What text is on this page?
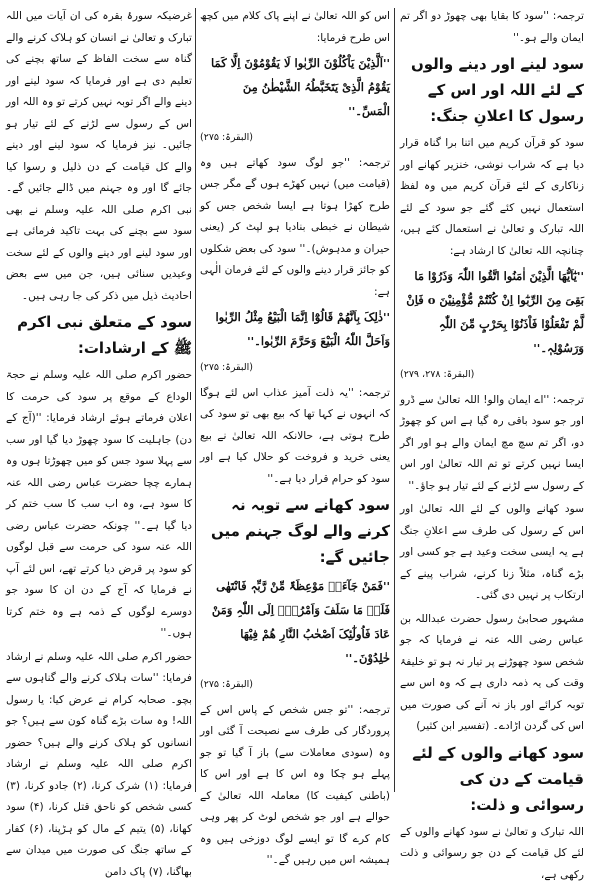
ترجمہ: ''سود کا بقایا بھی چھوڑ دو اگر تم ایمان والے ہو۔''

سود لینے اور دینے والوں کے لئے اللہ اور اس کے رسول کا اعلانِ جنگ:

سود کو قرآن کریم میں اتنا برا گناہ قرار دیا ہے کہ شراب نوشی، خنزیر کھانے اور زناکاری کے لئے قرآن کریم میں وہ لفظ استعمال نہیں کئے گئے جو سود کے لئے اللہ تبارک و تعالیٰ نے استعمال کئے ہیں، چنانچہ اللہ تعالیٰ کا ارشاد ہے:

''یٰٓاَیُّھَا الَّذِیْنَ اٰمَنُوا اتَّقُوا اللّٰہَ وَذَرُوْا مَا بَقِیَ مِنَ الرِّبٰٓوا اِنْ کُنْتُمْ مُّؤْمِنِیْنَ o فَاِنْ لَّمْ تَفْعَلُوْا فَاْذَنُوْا بِحَرْبٍ مِّنَ اللّٰہِ وَرَسُوْلِہٖ۔''
(البقرۃ: ۲۷۸، ۲۷۹)

ترجمہ: ''اے ایمان والو! اللہ تعالیٰ سے ڈرو اور جو سود باقی رہ گیا ہے اس کو چھوڑ دو، اگر تم سچ مچ ایمان والے ہو اور اگر ایسا نہیں کرتے تو تم اللہ تعالیٰ اور اس کے رسول سے لڑنے کے لئے تیار ہو جاؤ۔''

سود کھانے والوں کے لئے اللہ تعالیٰ اور اس کے رسول کی طرف سے اعلانِ جنگ ہے یہ ایسی سخت وعید ہے جو کسی اور بڑے گناہ، مثلاً زنا کرنے، شراب پینے کے ارتکاب پر نہیں دی گئی۔

مشہور صحابیٔ رسول حضرت عبداللہ بن عباس رضی اللہ عنہ نے فرمایا کہ جو شخص سود چھوڑنے پر تیار نہ ہو تو خلیفۂ وقت کی یہ ذمہ داری ہے کہ وہ اس سے توبہ کرائے اور باز نہ آنے کی صورت میں اس کی گردن اڑادے۔ (تفسیر ابن کثیر)

سود کھانے والوں کے لئے قیامت کے دن کی رسوائی و ذلت:

اللہ تبارک و تعالیٰ نے سود کھانے والوں کے لئے کل قیامت کے دن جو رسوائی و ذلت رکھی ہے،

اس کو اللہ تعالیٰ نے اپنے پاک کلام میں کچھ اس طرح فرمایا:

''اَلَّذِیْنَ یَاْکُلُوْنَ الرِّبٰوا لَا یَقُوْمُوْنَ اِلَّا کَمَا یَقُوْمُ الَّذِیْ یَتَخَبَّطُہُ الشَّیْطٰنُ مِنَ الْمَسِّ۔''
(البقرۃ: ۲۷۵)

ترجمہ: ''جو لوگ سود کھاتے ہیں وہ (قیامت میں) نہیں کھڑے ہوں گے مگر جس طرح کھڑا ہوتا ہے ایسا شخص جس کو شیطان نے خبطی بنادیا ہو لپٹ کر (یعنی حیران و مدہوش)۔'' سود کی بعض شکلوں کو جائز قرار دینے والوں کے لئے فرمان الٰہی ہے:

''ذٰلِکَ بِاَنَّھُمْ قَالُوْٓا اِنَّمَا الْبَیْعُ مِثْلُ الرِّبٰوا وَاَحَلَّ اللّٰہُ الْبَیْعَ وَحَرَّمَ الرِّبٰوا۔''
(البقرۃ: ۲۷۵)

ترجمہ: ''یہ ذلت آمیز عذاب اس لئے ہوگا کہ انہوں نے کہا تھا کہ بیع بھی تو سود کی طرح ہوتی ہے، حالانکہ اللہ تعالیٰ نے بیع یعنی خرید و فروخت کو حلال کیا ہے اور سود کو حرام قرار دیا ہے۔''

سود کھانے سے توبہ نہ کرنے والے لوگ جہنم میں جائیں گے:
''فَمَنْ جَآءَہٗ مَوْعِظَۃٌ مِّنْ رَّبِّہٖ فَانْتَھٰی فَلَہٗ مَا سَلَفَ وَاَمْرُہٗٓ اِلَی اللّٰہِ وَمَنْ عَادَ فَاُولٰٓئِکَ اَصْحٰبُ النَّارِ ھُمْ فِیْھَا خٰلِدُوْنَ۔''
(البقرۃ: ۲۷۵)

ترجمہ: ''تو جس شخص کے پاس اس کے پروردگار کی طرف سے نصیحت آ گئی اور وہ (سودی معاملات سے) باز آ گیا تو جو پہلے ہو چکا وہ اس کا ہے اور اس کا (باطنی کیفیت کا) معاملہ اللہ تعالیٰ کے حوالے ہے اور جو شخص لوٹ کر پھر وہی کام کرے گا تو ایسے لوگ دوزخی ہیں وہ ہمیشہ اس میں رہیں گے۔''

غرضیکہ سورۂ بقرہ کی ان آیات میں اللہ تبارک و تعالیٰ نے انسان کو ہلاک کرنے والے گناہ سے سخت الفاظ کے ساتھ بچنے کی تعلیم دی ہے اور فرمایا کہ سود لینے اور دینے والے اگر توبہ نہیں کرتے تو وہ اللہ اور اس کے رسول سے لڑنے کے لئے تیار ہو جائیں۔ نیز فرمایا کہ سود لینے اور دینے والے کل قیامت کے دن ذلیل و رسوا کیا جائے گا اور وہ جہنم میں ڈالے جائیں گے۔ نبی اکرم صلی اللہ علیہ وسلم نے بھی سود سے بچنے کی بہت تاکید فرمائی ہے اور سود لینے اور دینے والوں کے لئے سخت وعیدیں سنائی ہیں، جن میں سے بعض احادیث ذیل میں ذکر کی جا رہی ہیں۔

سود کے متعلق نبی اکرم ﷺ کے ارشادات:

حضور اکرم صلی اللہ علیہ وسلم نے حجۃ الوداع کے موقع پر سود کی حرمت کا اعلان فرماتے ہوئے ارشاد فرمایا: ''(آج کے دن) جاہلیت کا سود چھوڑ دیا گیا اور سب سے پہلا سود جس کو میں چھوڑتا ہوں وہ ہمارے چچا حضرت عباس رضی اللہ عنہ کا سود ہے، وہ اب سب کا سب ختم کر دیا گیا ہے۔'' چونکہ حضرت عباس رضی اللہ عنہ سود کی حرمت سے قبل لوگوں کو سود پر قرض دیا کرتے تھے، اس لئے آپ نے فرمایا کہ آج کے دن ان کا سود جو دوسرے لوگوں کے ذمہ ہے وہ ختم کرتا ہوں۔''

حضور اکرم صلی اللہ علیہ وسلم نے ارشاد فرمایا: ''سات ہلاک کرنے والے گناہوں سے بچو۔ صحابہ کرام نے عرض کیا: یا رسول اللہ! وہ سات بڑے گناہ کون سے ہیں؟ جو انسانوں کو ہلاک کرنے والے ہیں؟ حضور اکرم صلی اللہ علیہ وسلم نے ارشاد فرمایا: (۱) شرک کرنا، (۲) جادو کرنا، (۳) کسی شخص کو ناحق قتل کرنا، (۴) سود کھانا، (۵) یتیم کے مال کو ہڑپنا، (۶) کفار کے ساتھ جنگ کی صورت میں میدان سے بھاگنا، (۷) پاک دامن
